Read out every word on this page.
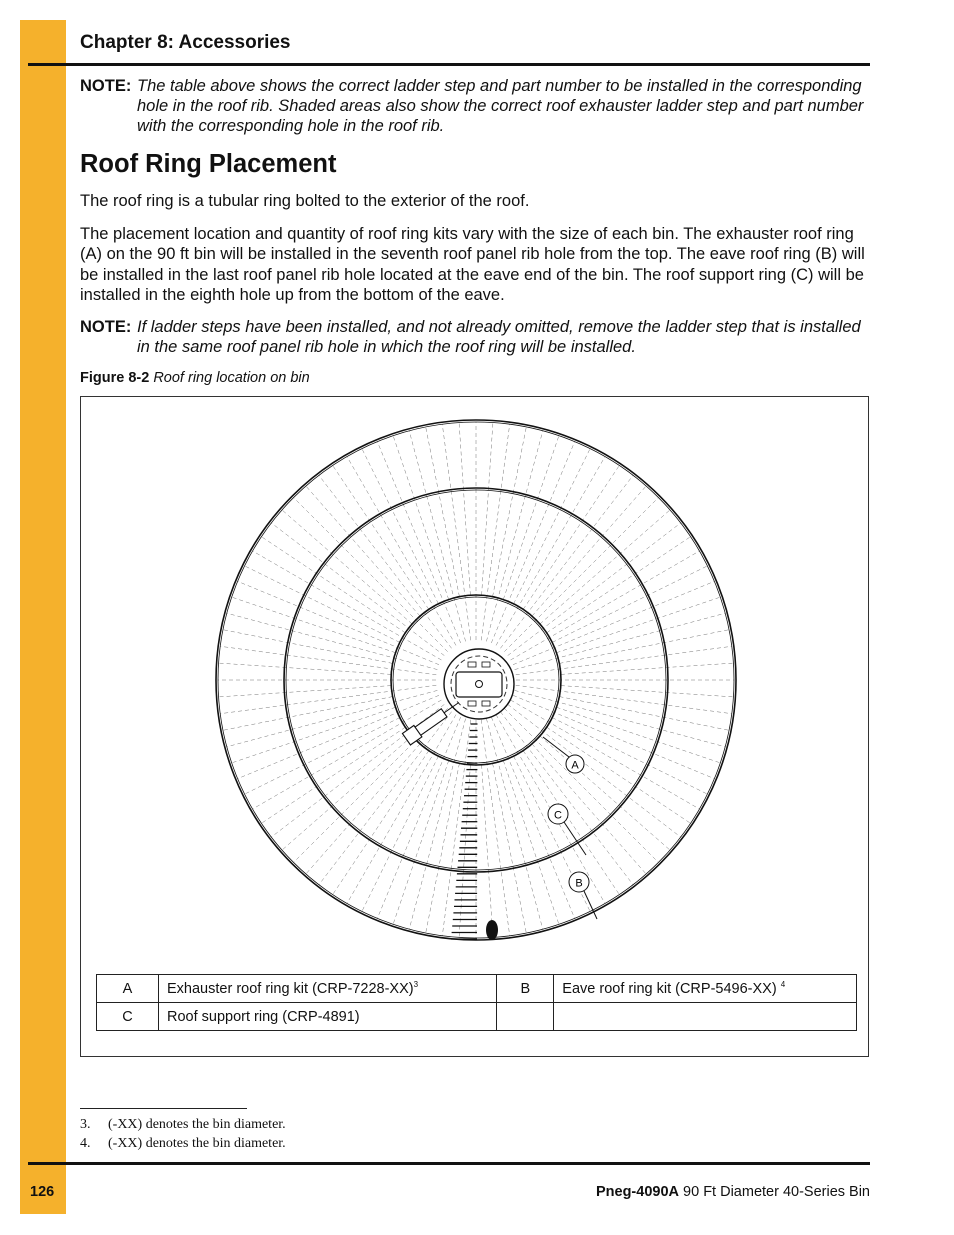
Chapter 8: Accessories
NOTE: The table above shows the correct ladder step and part number to be installed in the corresponding hole in the roof rib. Shaded areas also show the correct roof exhauster ladder step and part number with the corresponding hole in the roof rib.
Roof Ring Placement

The roof ring is a tubular ring bolted to the exterior of the roof.

The placement location and quantity of roof ring kits vary with the size of each bin. The exhauster roof ring (A) on the 90 ft bin will be installed in the seventh roof panel rib hole from the top. The eave roof ring (B) will be installed in the last roof panel rib hole located at the eave end of the bin. The roof support ring (C) will be installed in the eighth hole up from the bottom of the eave.

NOTE: If ladder steps have been installed, and not already omitted, remove the ladder step that is installed in the same roof panel rib hole in which the roof ring will be installed.
Figure 8-2 Roof ring location on bin
A
C
B
A	Exhauster roof ring kit $(CRP-7228-XX)^3$	B	Eave roof ring kit (CRP-5496-XX) $^4$
C	Roof support ring (CRP-4891)		
3. (-XX) denotes the bin diameter.
4. (-XX) denotes the bin diameter.
126	Pneg-4090A 90 Ft Diameter 40-Series Bin
